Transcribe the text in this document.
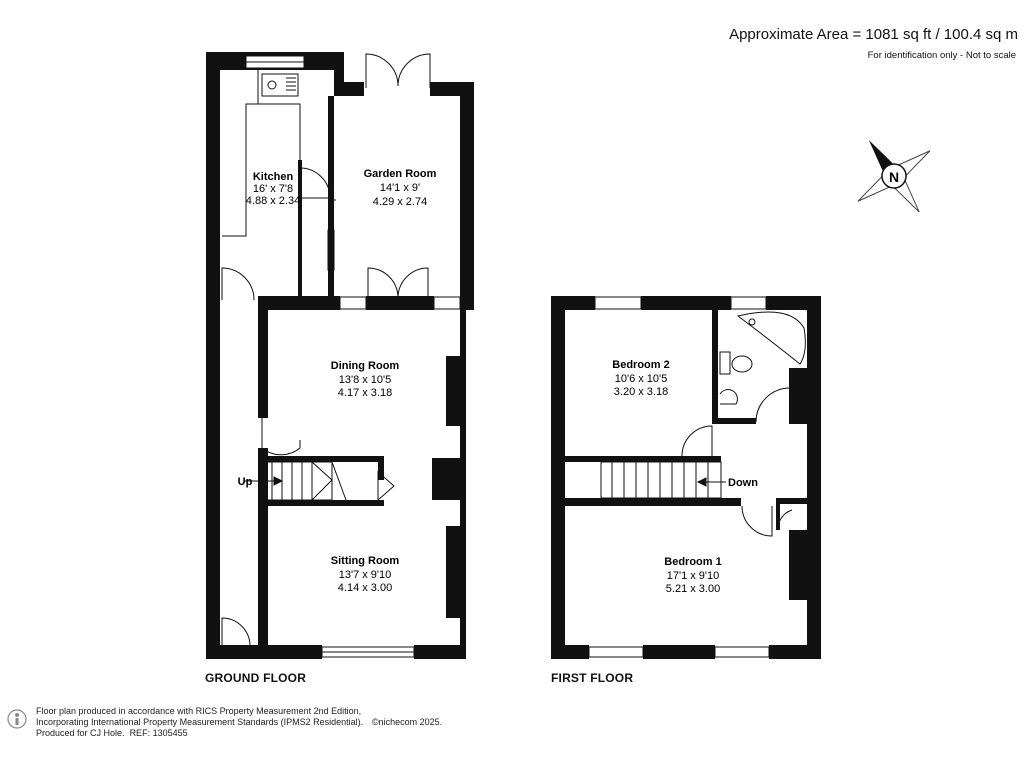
Approximate Area = 1081 sq ft / 100.4 sq m
For identification only - Not to scale
N
Kitchen
16' x 7'8
4.88 x 2.34
Garden Room
14'1 x 9'
4.29 x 2.74
Dining Room
13'8 x 10'5
4.17 x 3.18
Sitting Room
13'7 x 9'10
4.14 x 3.00
Up
Bedroom 2
10'6 x 10'5
3.20 x 3.18
Bedroom 1
17'1 x 9'10
5.21 x 3.00
Down
GROUND FLOOR	FIRST FLOOR
Floor plan produced in accordance with RICS Property Measurement 2nd Edition,
Incorporating International Property Measurement Standards (IPMS2 Residential).
Produced for CJ Hole. REF: 1305455
©nichecom 2025.
